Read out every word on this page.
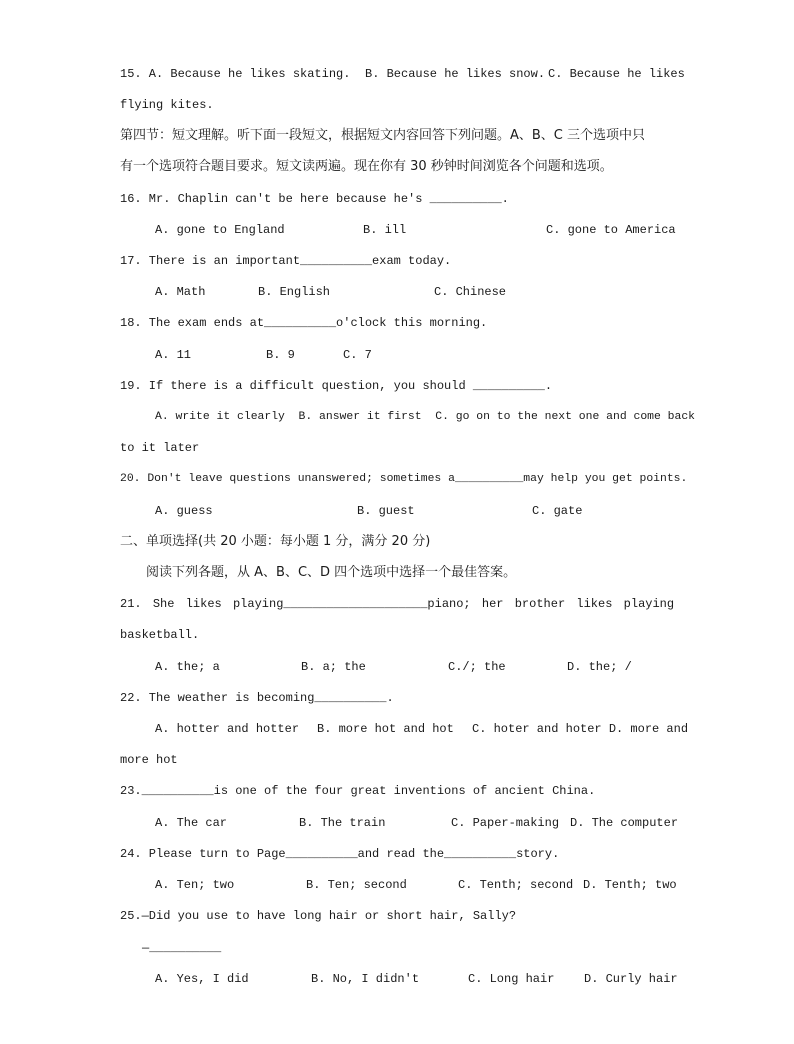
15. A. Because he likes skating. B. Because he likes snow. C. Because he likes
flying kites.
第四节：短文理解。听下面一段短文，根据短文内容回答下列问题。A、B、C 三个选项中只
有一个选项符合题目要求。短文读两遍。现在你有 30 秒钟时间浏览各个问题和选项。
16. Mr. Chaplin can't be here because he's __________.
A. gone to England	B. ill	C. gone to America
17. There is an important__________exam today.
A. Math	B. English	C. Chinese
18. The exam ends at__________o'clock this morning.
A. 11	B. 9	C. 7
19. If there is a difficult question, you should __________.
A. write it clearly  B. answer it first  C. go on to the next one and come back
to it later
20. Don't leave questions unanswered; sometimes a__________may help you get points.
A. guess	B. guest	C. gate
二、单项选择(共 20 小题：每小题 1 分，满分 20 分)
阅读下列各题，从 A、B、C、D 四个选项中选择一个最佳答案。
21. She likes playing____________________piano; her brother likes playing
basketball.
A. the; a	B. a; the	C./; the	D. the; /
22. The weather is becoming__________.
A. hotter and hotter B. more hot and hot C. hoter and hoter D. more and
more hot
23.__________is one of the four great inventions of ancient China.
A. The car	B. The train	C. Paper-making D. The computer
24. Please turn to Page__________and read the__________story.
A. Ten; two	B. Ten; second	C. Tenth; second D. Tenth; two
25.—Did you use to have long hair or short hair, Sally?
—__________
A. Yes, I did	B. No, I didn't	C. Long hair D. Curly hair
